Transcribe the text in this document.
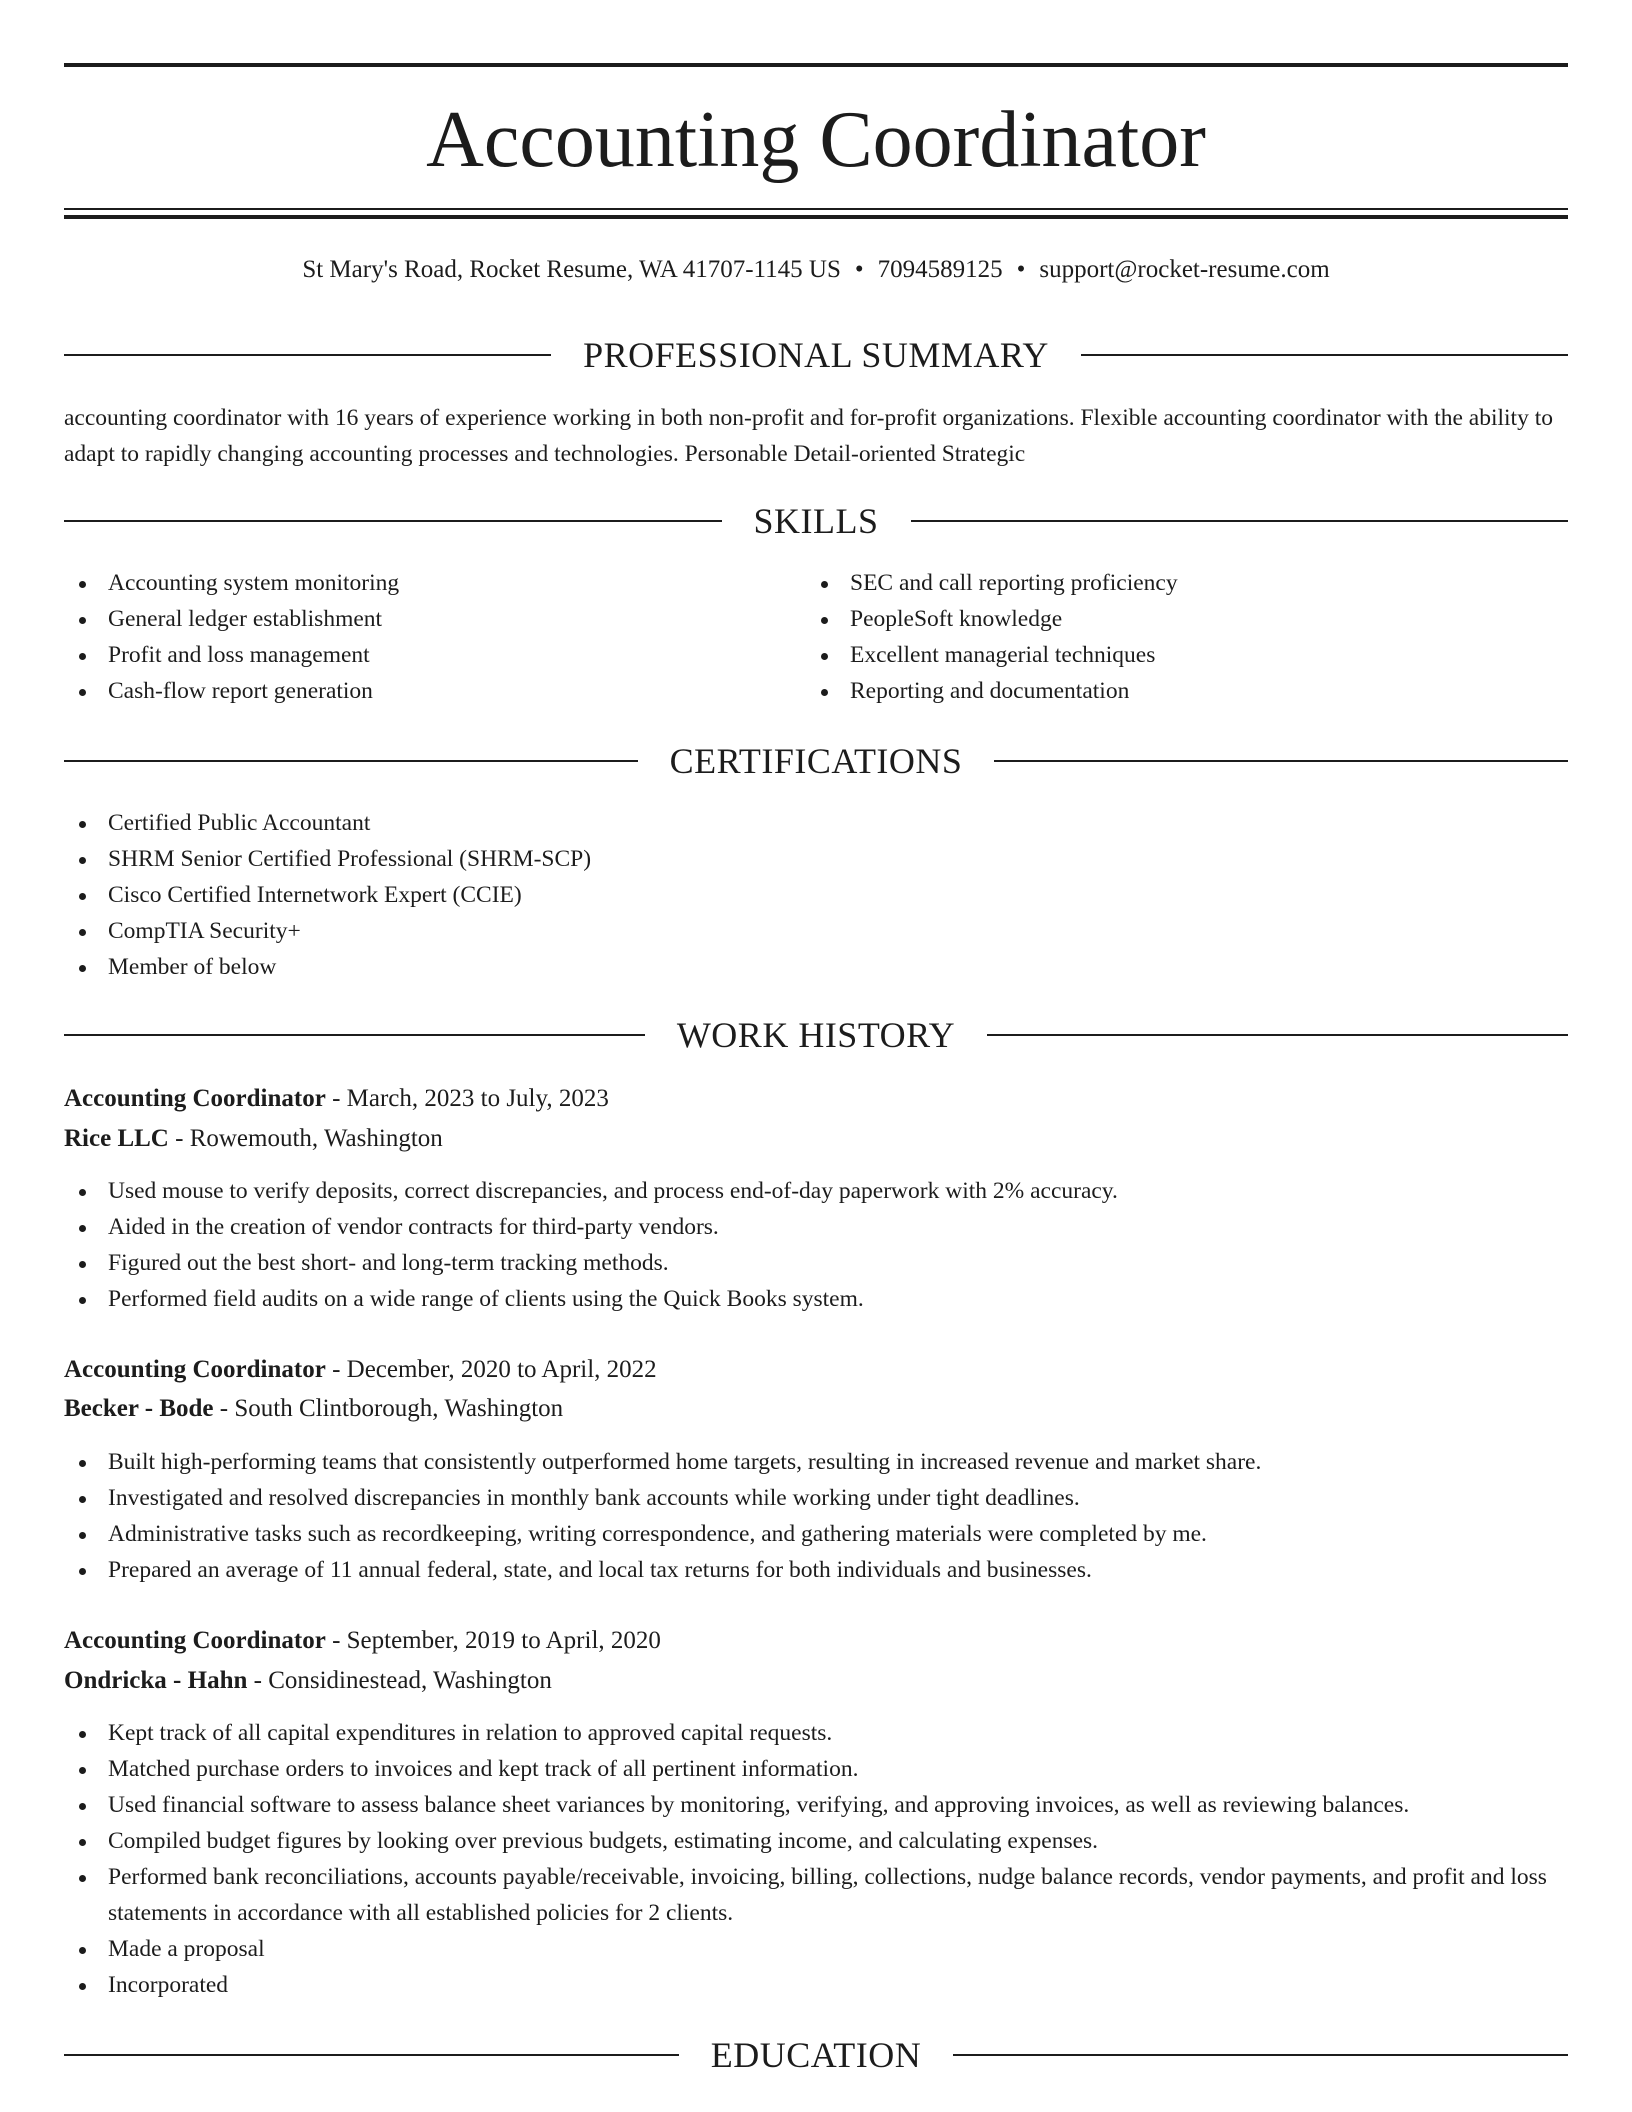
Accounting Coordinator
St Mary's Road, Rocket Resume, WA 41707-1145 US • 7094589125 • support@rocket-resume.com
PROFESSIONAL SUMMARY

accounting coordinator with 16 years of experience working in both non-profit and for-profit organizations. Flexible accounting coordinator with the ability to adapt to rapidly changing accounting processes and technologies. Personable Detail-oriented Strategic

SKILLS
Accounting system monitoring
General ledger establishment
Profit and loss management
Cash-flow report generation
SEC and call reporting proficiency
PeopleSoft knowledge
Excellent managerial techniques
Reporting and documentation
CERTIFICATIONS
Certified Public Accountant
SHRM Senior Certified Professional (SHRM-SCP)
Cisco Certified Internetwork Expert (CCIE)
CompTIA Security+
Member of below
WORK HISTORY
Accounting Coordinator - March, 2023 to July, 2023
Rice LLC - Rowemouth, Washington
Used mouse to verify deposits, correct discrepancies, and process end-of-day paperwork with 2% accuracy.
Aided in the creation of vendor contracts for third-party vendors.
Figured out the best short- and long-term tracking methods.
Performed field audits on a wide range of clients using the Quick Books system.
Accounting Coordinator - December, 2020 to April, 2022
Becker - Bode - South Clintborough, Washington
Built high-performing teams that consistently outperformed home targets, resulting in increased revenue and market share.
Investigated and resolved discrepancies in monthly bank accounts while working under tight deadlines.
Administrative tasks such as recordkeeping, writing correspondence, and gathering materials were completed by me.
Prepared an average of 11 annual federal, state, and local tax returns for both individuals and businesses.
Accounting Coordinator - September, 2019 to April, 2020
Ondricka - Hahn - Considinestead, Washington
Kept track of all capital expenditures in relation to approved capital requests.
Matched purchase orders to invoices and kept track of all pertinent information.
Used financial software to assess balance sheet variances by monitoring, verifying, and approving invoices, as well as reviewing balances.
Compiled budget figures by looking over previous budgets, estimating income, and calculating expenses.
Performed bank reconciliations, accounts payable/receivable, invoicing, billing, collections, nudge balance records, vendor payments, and profit and loss statements in accordance with all established policies for 2 clients.
Made a proposal
Incorporated
EDUCATION
